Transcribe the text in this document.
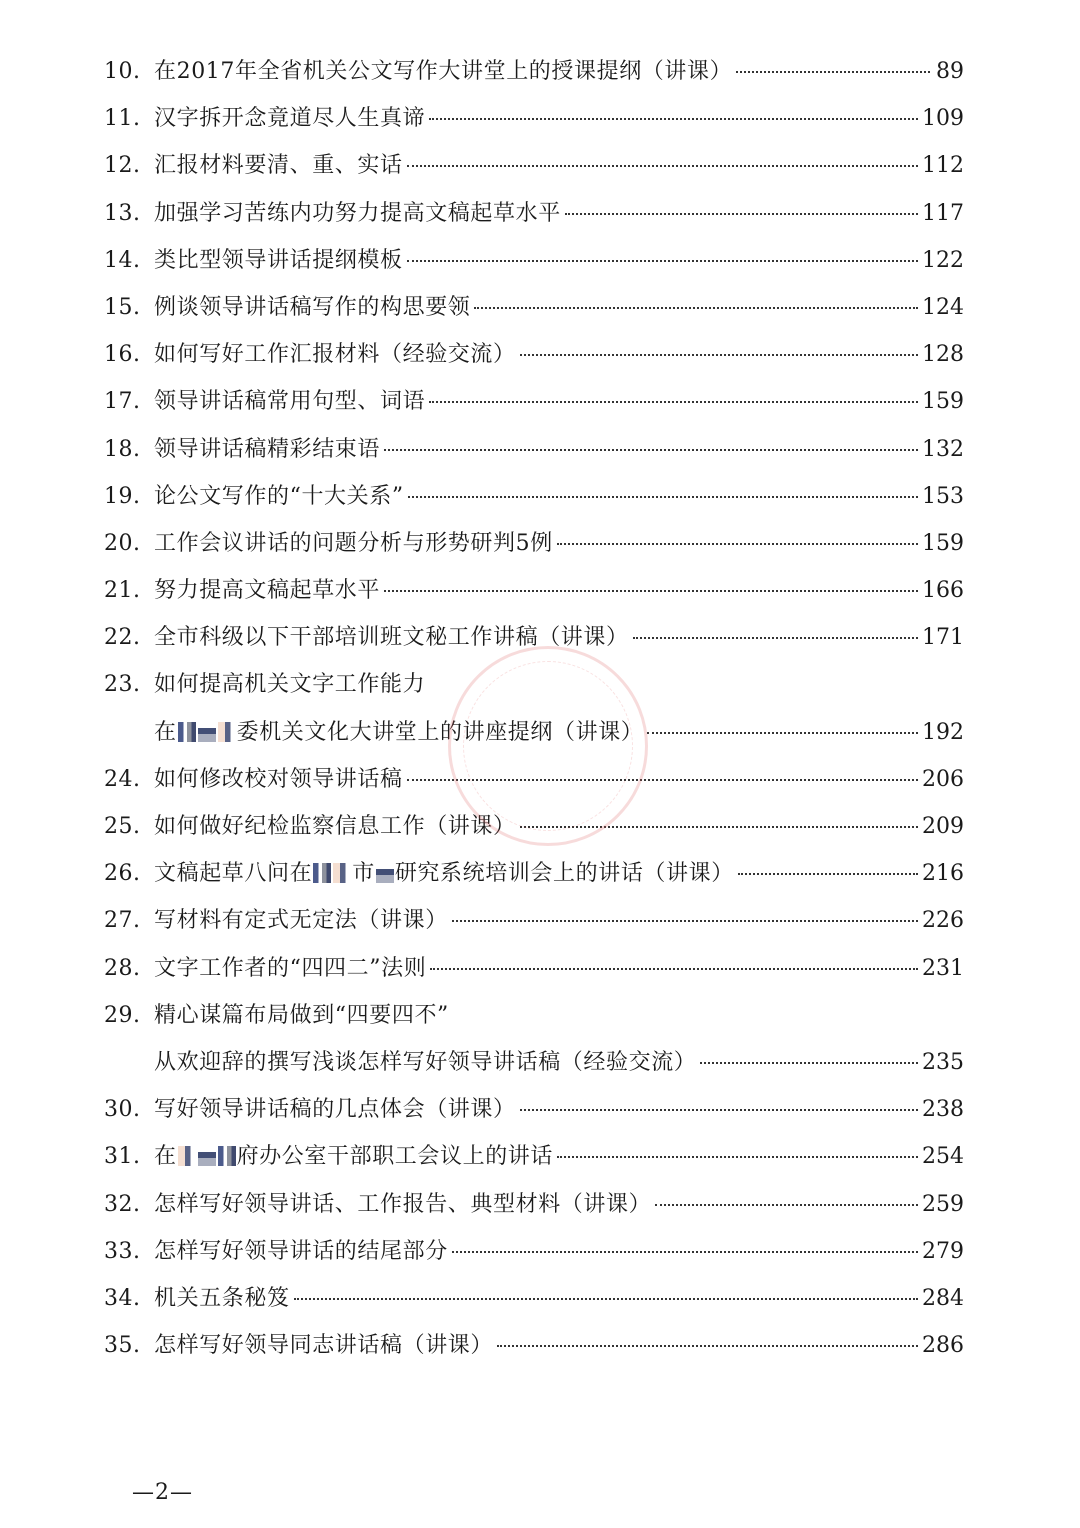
10. 在2017年全省机关公文写作大讲堂上的授课提纲（讲课）	89
11. 汉字拆开念竟道尽人生真谛	109
12. 汇报材料要清、重、实话	112
13. 加强学习苦练内功努力提高文稿起草水平	117
14. 类比型领导讲话提纲模板	122
15. 例谈领导讲话稿写作的构思要领	124
16. 如何写好工作汇报材料（经验交流）	128
17. 领导讲话稿常用句型、词语	159
18. 领导讲话稿精彩结束语	132
19. 论公文写作的“十大关系”	153
20. 工作会议讲话的问题分析与形势研判5例	159
21. 努力提高文稿起草水平	166
22. 全市科级以下干部培训班文秘工作讲稿（讲课）	171
23. 如何提高机关文字工作能力
在	委机关文化大讲堂上的讲座提纲（讲课）	192
24. 如何修改校对领导讲话稿	206
25. 如何做好纪检监察信息工作（讲课）	209
26. 文稿起草八问在 市 研究系统培训会上的讲话（讲课）	216
27. 写材料有定式无定法（讲课）	226
28. 文字工作者的“四四二”法则	231
29. 精心谋篇布局做到“四要四不”
从欢迎辞的撰写浅谈怎样写好领导讲话稿（经验交流）	235
30. 写好领导讲话稿的几点体会（讲课）	238
31. 在	府办公室干部职工会议上的讲话	254
32. 怎样写好领导讲话、工作报告、典型材料（讲课）	259
33. 怎样写好领导讲话的结尾部分	279
34. 机关五条秘笈	284
35. 怎样写好领导同志讲话稿（讲课）	286
—2—
